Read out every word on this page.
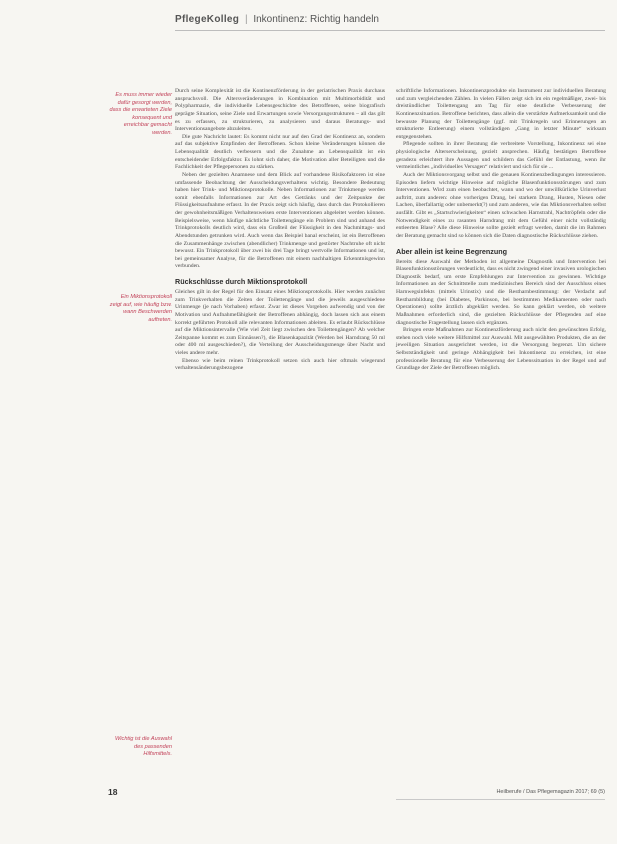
PflegeKolleg | Inkontinenz: Richtig handeln
Es muss immer wieder dafür gesorgt werden, dass die erwarteten Ziele konsequent und erreichbar gemacht werden.
Ein Miktionsprotokoll zeigt auf, wie häufig bzw. wann Beschwerden auftreten.
Wichtig ist die Auswahl des passenden Hilfsmittels.

Durch seine Komplexität ist die Kontinenzförderung in der geriatrischen Praxis durchaus anspruchsvoll. Die Altersveränderungen in Kombination mit Multimorbidität und Polypharmazie, die individuelle Lebensgeschichte des Betroffenen, seine biografisch geprägte Situation, seine Ziele und Erwartungen sowie Versorgungsstrukturen – all das gilt es zu erfassen, zu strukturieren, zu analysieren und daraus Beratungs- und Interventionsangebote abzuleiten.

Die gute Nachricht lautet: Es kommt nicht nur auf den Grad der Kontinenz an, sondern auf das subjektive Empfinden der Betroffenen. Schon kleine Veränderungen können die Lebensqualität deutlich verbessern und die Zunahme an Lebensqualität ist ein entscheidender Erfolgsfaktor. Es lohnt sich daher, die Motivation aller Beteiligten und die Fachlichkeit der Pflegepersonen zu stärken.

Neben der gezielten Anamnese und dem Blick auf vorhandene Risikofaktoren ist eine umfassende Beobachtung der Ausscheidungsverhaltens wichtig. Besondere Bedeutung haben hier Trink- und Miktionsprotokolle. Neben Informationen zur Trinkmenge werden somit ebenfalls Informationen zur Art des Getränks und der Zeitpunkte der Flüssigkeitsaufnahme erfasst. In der Praxis zeigt sich häufig, dass durch das Protokollieren der gewohnheitsmäßigen Verhaltensweisen erste Interventionen abgeleitet werden können. Beispielsweise, wenn häufige nächtliche Toilettengänge ein Problem sind und anhand des Trinkprotokolls deutlich wird, dass ein Großteil der Flüssigkeit in den Nachmittags- und Abendstunden getrunken wird. Auch wenn das Beispiel banal erscheint, ist ein Betroffenen die Zusammenhänge zwischen (abendlicher) Trinkmenge und gestörter Nachtruhe oft nicht bewusst. Ein Trinkprotokoll über zwei bis drei Tage bringt wertvolle Informationen und ist, bei gemeinsamer Analyse, für die Betroffenen mit einem nachhaltigen Erkenntnisgewinn verbunden.

Rückschlüsse durch Miktionsprotokoll

Gleiches gilt in der Regel für den Einsatz eines Miktionsprotokolls. Hier werden zunächst zum Trinkverhalten die Zeiten der Toilettengänge und die jeweils ausgeschiedene Urinmenge (je nach Vorhaben) erfasst. Zwar ist dieses Vorgehen aufwendig und von der Motivation und Aufnahmefähigkeit der Betroffenen abhängig, doch lassen sich aus einem korrekt geführten Protokoll alle relevanten Informationen ableiten. Es erlaubt Rückschlüsse auf die Miktionsintervalle (Wie viel Zeit liegt zwischen den Toilettengängen? Ab welcher Zeitspanne kommt es zum Einnässen?), die Blasenkapazität (Werden bei Harndrang 50 ml oder 400 ml ausgeschieden?), die Verteilung der Ausscheidungsmenge über Nacht und vieles andere mehr.

Ebenso wie beim reinen Trinkprotokoll setzen sich auch hier oftmals wiegerund verhaltensänderungsbezogene

schriftliche Informationen. Inkontinenzprodukte ein Instrument zur individuellen Beratung und zum vergleichenden Zählen. In vielen Fällen zeigt sich im ein regelmäßiger, zwei- bis dreistündlicher Toilettengang am Tag für eine deutliche Verbesserung der Kontinenzsituation. Betroffene berichten, dass allein die verstärkte Aufmerksamkeit und die bewusste Planung der Toilettengänge (ggf. mit Trinkregeln und Erinnerungen an strukturierte Entleerung) einem vollständigen „Gang in letzter Minute“ wirksam entgegenstehen.

Pflegende sollten in ihrer Beratung die verbreitete Vorstellung, Inkontinenz sei eine physiologische Alterserscheinung, gezielt ansprechen. Häufig bestätigen Betroffene geradezu erleichtert ihre Aussagen und schildern das Gefühl der Entlastung, wenn ihr vermeintliches „individuelles Versagen“ relativiert und sich für sie ...

Auch der Miktionsvorgang selbst und die genauen Kontinenzbedingungen interessieren. Episoden liefern wichtige Hinweise auf mögliche Blasenfunktionsstörungen und zum Interventionen. Wird zum einen beobachtet, wann und wo der unwillkürliche Urinverlust auftritt, zum anderen: ohne vorherigen Drang, bei starkem Drang, Husten, Niesen oder Lachen, überfallartig oder unbemerkt(?) und zum anderen, wie das Miktionsverhalten selbst ausfällt. Gibt es „Startschwierigkeiten“ einen schwachen Harnstrahl, Nachtröpfeln oder die Notwendigkeit eines zu rasanten Harndrang mit dem Gefühl einer nicht vollständig entleerten Blase? Alle diese Hinweise sollte gezielt erfragt werden, damit die im Rahmen der Beratung gemacht sind so können sich die Daten diagnostische Rückschlüsse ziehen.

Aber allein ist keine Begrenzung

Bereits diese Auswahl der Methoden ist allgemeine Diagnostik und Intervention bei Blasenfunktionsstörungen verdeutlicht, dass es nicht zwingend einer invasiven urologischen Diagnostik bedarf, um erste Empfehlungen zur Intervention zu gewinnen. Wichtige Informationen an der Schnittstelle zum medizinischen Bereich sind der Ausschluss eines Harnwegsinfekts (mittels Urinstix) und die Restharnbestimmung: der Verdacht auf Restharnbildung (bei Diabetes, Parkinson, bei bestimmten Medikamenten oder nach Operationen) sollte ärztlich abgeklärt werden. So kann geklärt werden, ob weitere Maßnahmen erforderlich sind, die gezielten Rückschlüsse der Pflegenden auf eine diagnostische Fragestellung lassen sich ergänzen.

Bringen erste Maßnahmen zur Kontinenzförderung auch nicht den gewünschten Erfolg, stehen noch viele weitere Hilfsmittel zur Auswahl. Mit ausgewählten Produkten, die an der jeweiligen Situation ausgerichtet werden, ist die Versorgung begrenzt. Um sichere Selbstständigkeit und geringe Abhängigkeit bei Inkontinenz zu erreichen, ist eine professionelle Beratung für eine Verbesserung der Lebenssituation in der Regel und auf Grundlage der Ziele der Betroffenen möglich.

18	Heilberufe / Das Pflegemagazin 2017; 69 (5)
